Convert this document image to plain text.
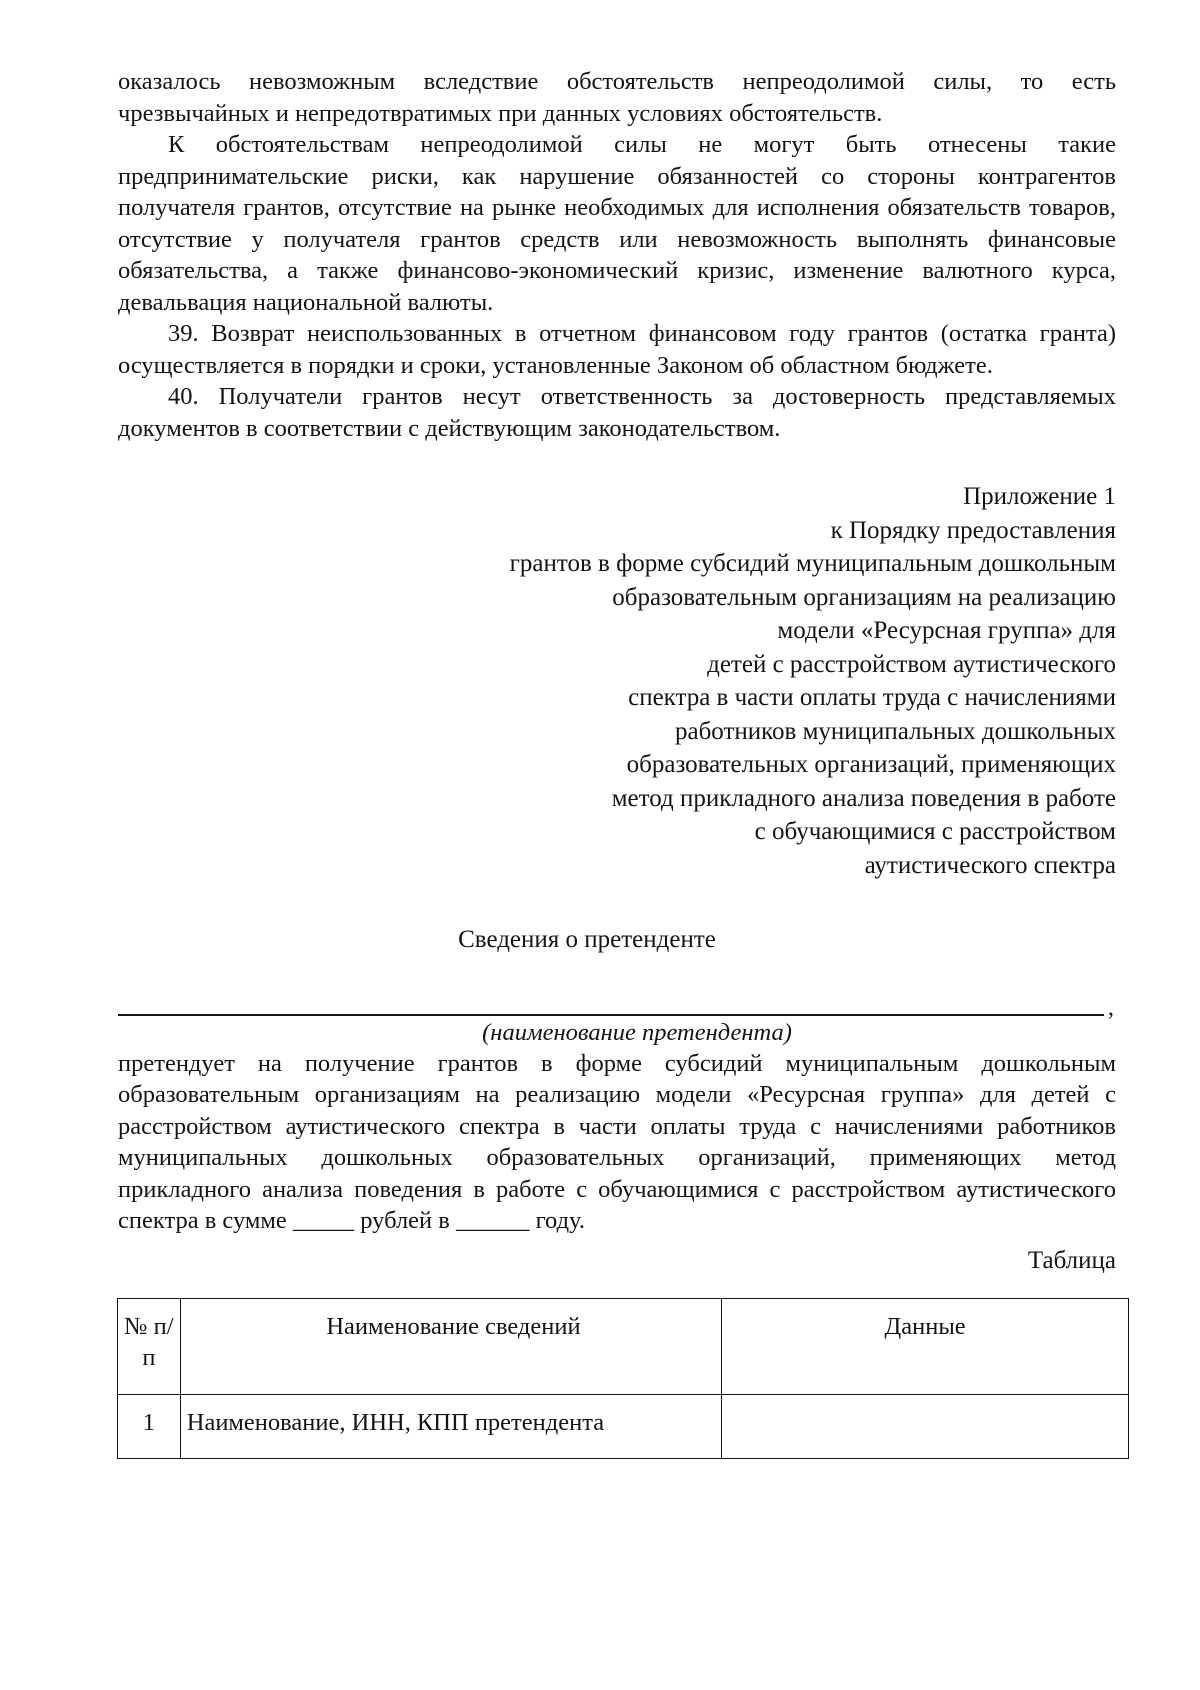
оказалось невозможным вследствие обстоятельств непреодолимой силы, то есть чрезвычайных и непредотвратимых при данных условиях обстоятельств.

К обстоятельствам непреодолимой силы не могут быть отнесены такие предпринимательские риски, как нарушение обязанностей со стороны контрагентов получателя грантов, отсутствие на рынке необходимых для исполнения обязательств товаров, отсутствие у получателя грантов средств или невозможность выполнять финансовые обязательства, а также финансово-экономический кризис, изменение валютного курса, девальвация национальной валюты.

39. Возврат неиспользованных в отчетном финансовом году грантов (остатка гранта) осуществляется в порядки и сроки, установленные Законом об областном бюджете.

40. Получатели грантов несут ответственность за достоверность представляемых документов в соответствии с действующим законодательством.

Приложение 1
к Порядку предоставления
грантов в форме субсидий муниципальным дошкольным
образовательным организациям на реализацию
модели «Ресурсная группа» для
детей с расстройством аутистического
спектра в части оплаты труда с начислениями
работников муниципальных дошкольных
образовательных организаций, применяющих
метод прикладного анализа поведения в работе
с обучающимися с расстройством
аутистического спектра
Сведения о претенденте
,
(наименование претендента)

претендует на получение грантов в форме субсидий муниципальным дошкольным образовательным организациям на реализацию модели «Ресурсная группа» для детей с расстройством аутистического спектра в части оплаты труда с начислениями работников муниципальных дошкольных образовательных организаций, применяющих метод прикладного анализа поведения в работе с обучающимися с расстройством аутистического спектра в сумме _____ рублей в ______ году.

Таблица
№ п/п	Наименование сведений	Данные
1	Наименование, ИНН, КПП претендента	
